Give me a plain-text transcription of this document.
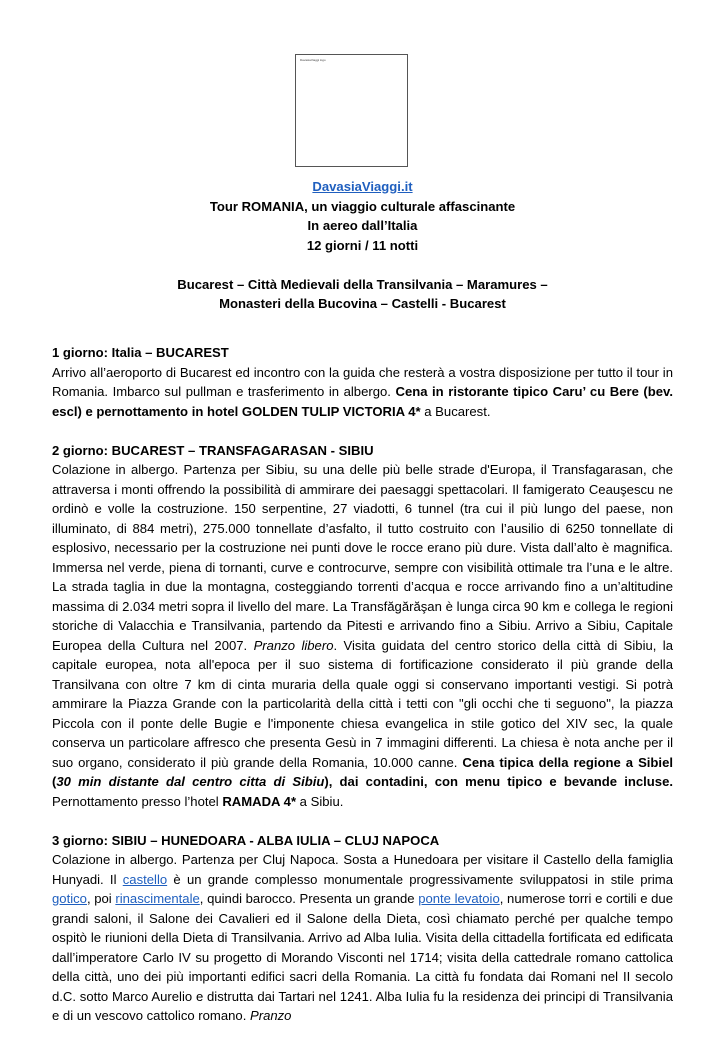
DavasiaViaggi logo
DavasiaViaggi.it
Tour ROMANIA, un viaggio culturale affascinante
In aereo dall’Italia
12 giorni / 11 notti
Bucarest – Città Medievali della Transilvania – Maramures –
Monasteri della Bucovina – Castelli - Bucarest
1 giorno: Italia – BUCAREST
Arrivo all’aeroporto di Bucarest ed incontro con la guida che resterà a vostra disposizione per tutto il tour in Romania. Imbarco sul pullman e trasferimento in albergo. Cena in ristorante tipico Caru’ cu Bere (bev. escl) e pernottamento in hotel GOLDEN TULIP VICTORIA 4* a Bucarest.
2 giorno: BUCAREST – TRANSFAGARASAN - SIBIU
Colazione in albergo. Partenza per Sibiu, su una delle più belle strade d'Europa, il Transfagarasan, che attraversa i monti offrendo la possibilità di ammirare dei paesaggi spettacolari. Il famigerato Ceauşescu ne ordinò e volle la costruzione. 150 serpentine, 27 viadotti, 6 tunnel (tra cui il più lungo del paese, non illuminato, di 884 metri), 275.000 tonnellate d’asfalto, il tutto costruito con l’ausilio di 6250 tonnellate di esplosivo, necessario per la costruzione nei punti dove le rocce erano più dure. Vista dall’alto è magnifica. Immersa nel verde, piena di tornanti, curve e controcurve, sempre con visibilità ottimale tra l’una e le altre. La strada taglia in due la montagna, costeggiando torrenti d’acqua e rocce arrivando fino a un’altitudine massima di 2.034 metri sopra il livello del mare. La Transfăgărăşan è lunga circa 90 km e collega le regioni storiche di Valacchia e Transilvania, partendo da Pitesti e arrivando fino a Sibiu. Arrivo a Sibiu, Capitale Europea della Cultura nel 2007. Pranzo libero. Visita guidata del centro storico della città di Sibiu, la capitale europea, nota all'epoca per il suo sistema di fortificazione considerato il più grande della Transilvana con oltre 7 km di cinta muraria della quale oggi si conservano importanti vestigi. Si potrà ammirare la Piazza Grande con la particolarità della città i tetti con "gli occhi che ti seguono", la piazza Piccola con il ponte delle Bugie e l'imponente chiesa evangelica in stile gotico del XIV sec, la quale conserva un particolare affresco che presenta Gesù in 7 immagini differenti. La chiesa è nota anche per il suo organo, considerato il più grande della Romania, 10.000 canne. Cena tipica della regione a Sibiel (30 min distante dal centro citta di Sibiu), dai contadini, con menu tipico e bevande incluse. Pernottamento presso l’hotel RAMADA 4* a Sibiu.
3 giorno: SIBIU – HUNEDOARA - ALBA IULIA – CLUJ NAPOCA
Colazione in albergo. Partenza per Cluj Napoca. Sosta a Hunedoara per visitare il Castello della famiglia Hunyadi. Il castello è un grande complesso monumentale progressivamente sviluppatosi in stile prima gotico, poi rinascimentale, quindi barocco. Presenta un grande ponte levatoio, numerose torri e cortili e due grandi saloni, il Salone dei Cavalieri ed il Salone della Dieta, così chiamato perché per qualche tempo ospitò le riunioni della Dieta di Transilvania. Arrivo ad Alba Iulia. Visita della cittadella fortificata ed edificata dall’imperatore Carlo IV su progetto di Morando Visconti nel 1714; visita della cattedrale romano cattolica della città, uno dei più importanti edifici sacri della Romania. La città fu fondata dai Romani nel II secolo d.C. sotto Marco Aurelio e distrutta dai Tartari nel 1241. Alba Iulia fu la residenza dei principi di Transilvania e di un vescovo cattolico romano. Pranzo
